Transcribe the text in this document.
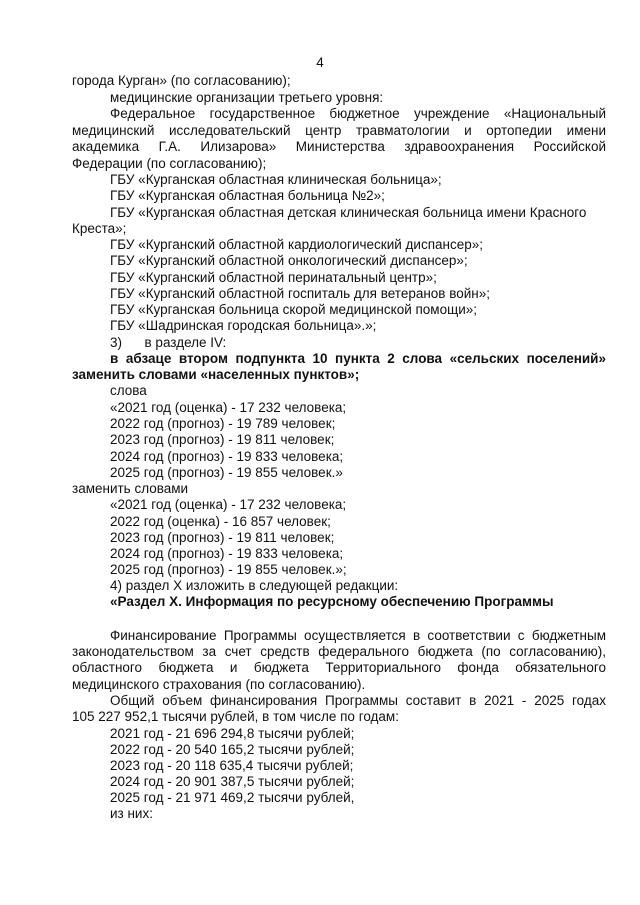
4
города Курган» (по согласованию);
медицинские организации третьего уровня:
Федеральное государственное бюджетное учреждение «Национальный
медицинский исследовательский центр травматологии и ортопедии имени
академика Г.А. Илизарова» Министерства здравоохранения Российской
Федерации (по согласованию);
ГБУ «Курганская областная клиническая больница»;
ГБУ «Курганская областная больница №2»;
ГБУ «Курганская областная детская клиническая больница имени Красного
Креста»;
ГБУ «Курганский областной кардиологический диспансер»;
ГБУ «Курганский областной онкологический диспансер»;
ГБУ «Курганский областной перинатальный центр»;
ГБУ «Курганский областной госпиталь для ветеранов войн»;
ГБУ «Курганская больница скорой медицинской помощи»;
ГБУ «Шадринская городская больница».»;
3)      в разделе IV:
в абзаце втором подпункта 10 пункта 2 слова «сельских поселений»
заменить словами «населенных пунктов»;
слова
«2021 год (оценка) - 17 232 человека;
2022 год (прогноз) - 19 789 человек;
2023 год (прогноз) - 19 811 человек;
2024 год (прогноз) - 19 833 человека;
2025 год (прогноз) - 19 855 человек.»
заменить словами
«2021 год (оценка) - 17 232 человека;
2022 год (оценка) - 16 857 человек;
2023 год (прогноз) - 19 811 человек;
2024 год (прогноз) - 19 833 человека;
2025 год (прогноз) - 19 855 человек.»;
4) раздел X изложить в следующей редакции:
«Раздел X. Информация по ресурсному обеспечению Программы
Финансирование Программы осуществляется в соответствии с бюджетным
законодательством за счет средств федерального бюджета (по согласованию),
областного бюджета и бюджета Территориального фонда обязательного
медицинского страхования (по согласованию).
Общий объем финансирования Программы составит в 2021 - 2025 годах
105 227 952,1 тысячи рублей, в том числе по годам:
2021 год - 21 696 294,8 тысячи рублей;
2022 год - 20 540 165,2 тысячи рублей;
2023 год - 20 118 635,4 тысячи рублей;
2024 год - 20 901 387,5 тысячи рублей;
2025 год - 21 971 469,2 тысячи рублей,
из них:
